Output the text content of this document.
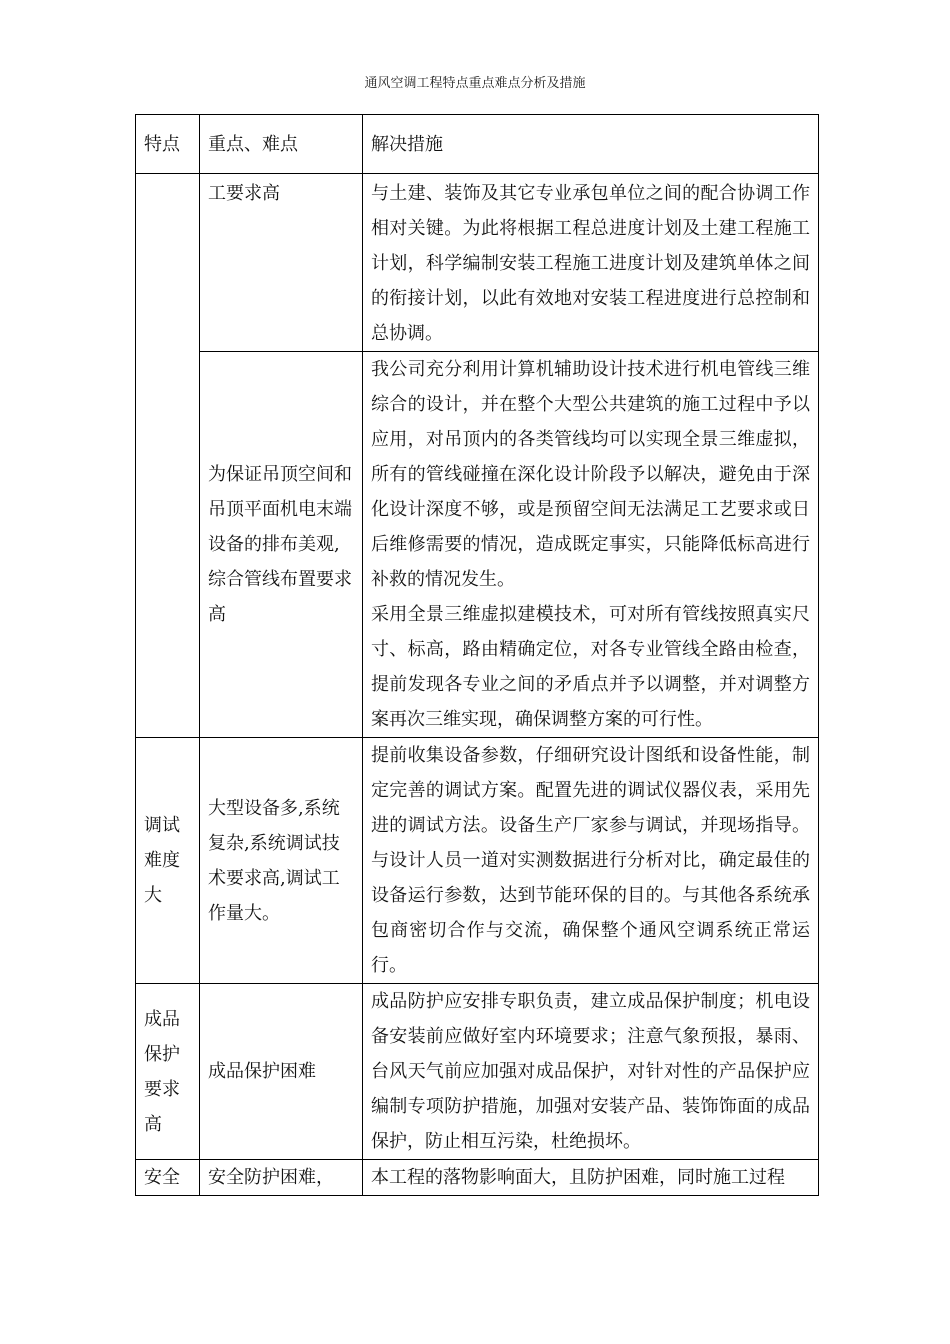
通风空调工程特点重点难点分析及措施
特点	重点、难点	解决措施
	工要求高	与土建、装饰及其它专业承包单位之间的配合协调工作相对关键。为此将根据工程总进度计划及土建工程施工计划，科学编制安装工程施工进度计划及建筑单体之间的衔接计划，以此有效地对安装工程进度进行总控制和总协调。

	为保证吊顶空间和吊顶平面机电末端设备的排布美观,综合管线布置要求高	我公司充分利用计算机辅助设计技术进行机电管线三维综合的设计，并在整个大型公共建筑的施工过程中予以应用，对吊顶内的各类管线均可以实现全景三维虚拟，所有的管线碰撞在深化设计阶段予以解决，避免由于深化设计深度不够，或是预留空间无法满足工艺要求或日后维修需要的情况，造成既定事实，只能降低标高进行补救的情况发生。

采用全景三维虚拟建模技术，可对所有管线按照真实尺寸、标高，路由精确定位，对各专业管线全路由检查，提前发现各专业之间的矛盾点并予以调整，并对调整方案再次三维实现，确保调整方案的可行性。

调试难度大	大型设备多,系统复杂,系统调试技术要求高,调试工作量大。	提前收集设备参数，仔细研究设计图纸和设备性能，制定完善的调试方案。配置先进的调试仪器仪表，采用先进的调试方法。设备生产厂家参与调试，并现场指导。与设计人员一道对实测数据进行分析对比，确定最佳的设备运行参数，达到节能环保的目的。与其他各系统承包商密切合作与交流，确保整个通风空调系统正常运行。

成品保护要求高	成品保护困难	成品防护应安排专职负责，建立成品保护制度；机电设备安装前应做好室内环境要求；注意气象预报，暴雨、台风天气前应加强对成品保护，对针对性的产品保护应编制专项防护措施，加强对安装产品、装饰饰面的成品保护，防止相互污染，杜绝损坏。

安全	安全防护困难，	本工程的落物影响面大，且防护困难，同时施工过程
